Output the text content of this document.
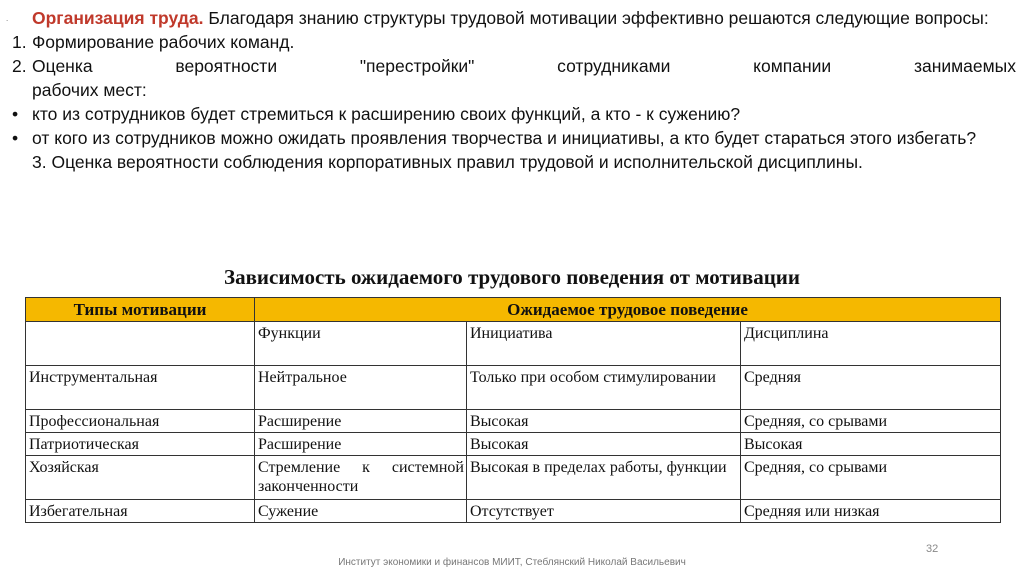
.	Организация труда. Благодаря знанию структуры трудовой мотивации эффективно решаются следующие вопросы:

1. Формирование рабочих команд.
2. Оценка вероятности "перестройки" сотрудниками компании занимаемых
рабочих мест:
• кто из сотрудников будет стремиться к расширению своих функций, а кто - к сужению?
• от кого из сотрудников можно ожидать проявления творчества и инициативы, а кто будет стараться этого избегать?
3. Оценка вероятности соблюдения корпоративных правил трудовой и исполнительской дисциплины.
Зависимость ожидаемого трудового поведения от мотивации
Типы мотивации	Ожидаемое трудовое поведение		
	Функции	Инициатива	Дисциплина
Инструментальная	Нейтральное	Только при особом стимулировании	Средняя
Профессиональная	Расширение	Высокая	Средняя, со срывами
Патриотическая	Расширение	Высокая	Высокая
Хозяйская	Стремление к системной законченности	Высокая в пределах работы, функции	Средняя, со срывами
Избегательная	Сужение	Отсутствует	Средняя или низкая
32
Институт экономики и финансов МИИТ, Стеблянский Николай Васильевич
